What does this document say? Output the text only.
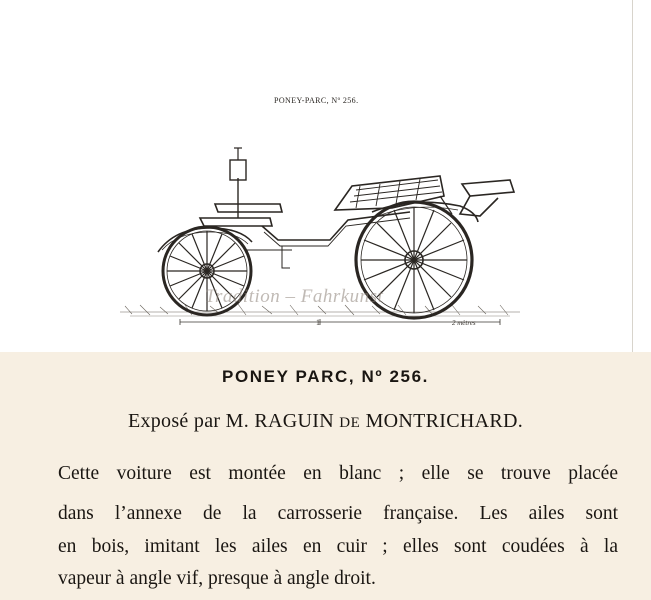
PONEY-PARC, Nº 256.
Tradition – Fahrkunst
1	2 mètres
PONEY PARC, Nº 256.
Exposé par M. RAGUIN DE MONTRICHARD.
Cette voiture est montée en blanc ; elle se trouve placée
dans l’annexe de la carrosserie française. Les ailes sont
en bois, imitant les ailes en cuir ; elles sont coudées à la
vapeur à angle vif, presque à angle droit.
